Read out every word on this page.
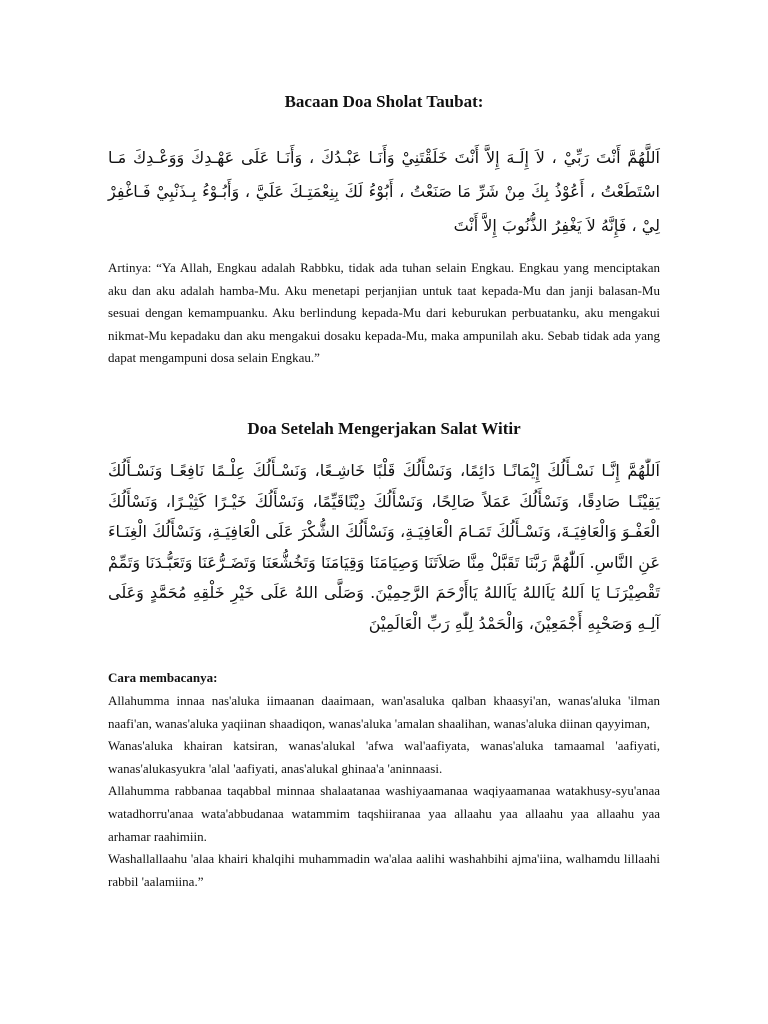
Bacaan Doa Sholat Taubat:

اَللَّهُمَّ أَنْتَ رَبِّيْ ، لاَ إِلَـهَ إِلاَّ أَنْتَ خَلَقْتَنِيْ وَأَنَـا عَبْـدُكَ ، وَأَنَـا عَلَى عَهْـدِكَ وَوَعْـدِكَ مَـا اسْتَطَعْتُ ، أَعُوْذُ بِكَ مِنْ شَرِّ مَا صَنَعْتُ ، أَبُوْءُ لَكَ بِنِعْمَتِـكَ عَلَيَّ ، وَأَبُـوْءُ بِـذَنْبِيْ فَـاغْفِرْ لِيْ ، فَإِنَّهُ لاَ يَغْفِرُ الذُّنُوبَ إِلاَّ أَنْتَ

Artinya: “Ya Allah, Engkau adalah Rabbku, tidak ada tuhan selain Engkau. Engkau yang menciptakan aku dan aku adalah hamba-Mu. Aku menetapi perjanjian untuk taat kepada-Mu dan janji balasan-Mu sesuai dengan kemampuanku. Aku berlindung kepada-Mu dari keburukan perbuatanku, aku mengakui nikmat-Mu kepadaku dan aku mengakui dosaku kepada-Mu, maka ampunilah aku. Sebab tidak ada yang dapat mengampuni dosa selain Engkau.”

Doa Setelah Mengerjakan Salat Witir

اَللّٰهُمَّ إِنَّـا نَسْـأَلُكَ إِيْمَانًـا دَائِمًا، وَنَسْأَلُكَ قَلْبًا خَاشِـعًا، وَنَسْـأَلُكَ عِلْـمًا نَافِعًـا وَنَسْـأَلُكَ يَقِيْنًـا صَادِقًا، وَنَسْأَلُكَ عَمَلاً صَالِحًا، وَنَسْأَلُكَ دِيْنًاقَيِّمًا، وَنَسْأَلُكَ خَيْـرًا كَثِيْـرًا، وَنَسْأَلُكَ الْعَفْـوَ وَالْعَافِيَـةَ، وَنَسْـأَلُكَ تَمَـامَ الْعَافِيَـةِ، وَنَسْأَلُكَ الشُّكْرَ عَلَى الْعَافِيَـةِ، وَنَسْأَلُكَ الْغِنَـاءَ عَنِ النَّاسِ. اَللّٰهُمَّ رَبَّنَا تَقَبَّلْ مِنَّا صَلاَتَنَا وَصِيَامَنَا وَقِيَامَنَا وَتَخُشُّعَنَا وَتَضَـرُّعَنَا وَتَعَبُّـدَنَا وَتَمِّمْ تَقْصِيْرَنَـا يَا اَللهُ يَاَاللهُ يَاَاللهُ يَاأَرْحَمَ الرَّحِمِيْنَ. وَصَلَّى اللهُ عَلَى خَيْرِ خَلْقِهِ مُحَمَّدٍ وَعَلَى آلِـهِ وَصَحْبِهِ أَجْمَعِيْنَ، وَالْحَمْدُ لِلّٰهِ رَبِّ الْعَالَمِيْنَ

Cara membacanya:

Allahumma innaa nas'aluka iimaanan daaimaan, wan'asaluka qalban khaasyi'an, wanas'aluka 'ilman naafi'an, wanas'aluka yaqiinan shaadiqon, wanas'aluka 'amalan shaalihan, wanas'aluka diinan qayyiman,

Wanas'aluka khairan katsiran, wanas'alukal 'afwa wal'aafiyata, wanas'aluka tamaamal 'aafiyati, wanas'alukasyukra 'alal 'aafiyati, anas'alukal ghinaa'a 'aninnaasi.

Allahumma rabbanaa taqabbal minnaa shalaatanaa washiyaamanaa waqiyaamanaa watakhusy-syu'anaa watadhorru'anaa wata'abbudanaa watammim taqshiiranaa yaa allaahu yaa allaahu yaa allaahu yaa arhamar raahimiin.

Washallallaahu 'alaa khairi khalqihi muhammadin wa'alaa aalihi washahbihi ajma'iina, walhamdu lillaahi rabbil 'aalamiina.”
